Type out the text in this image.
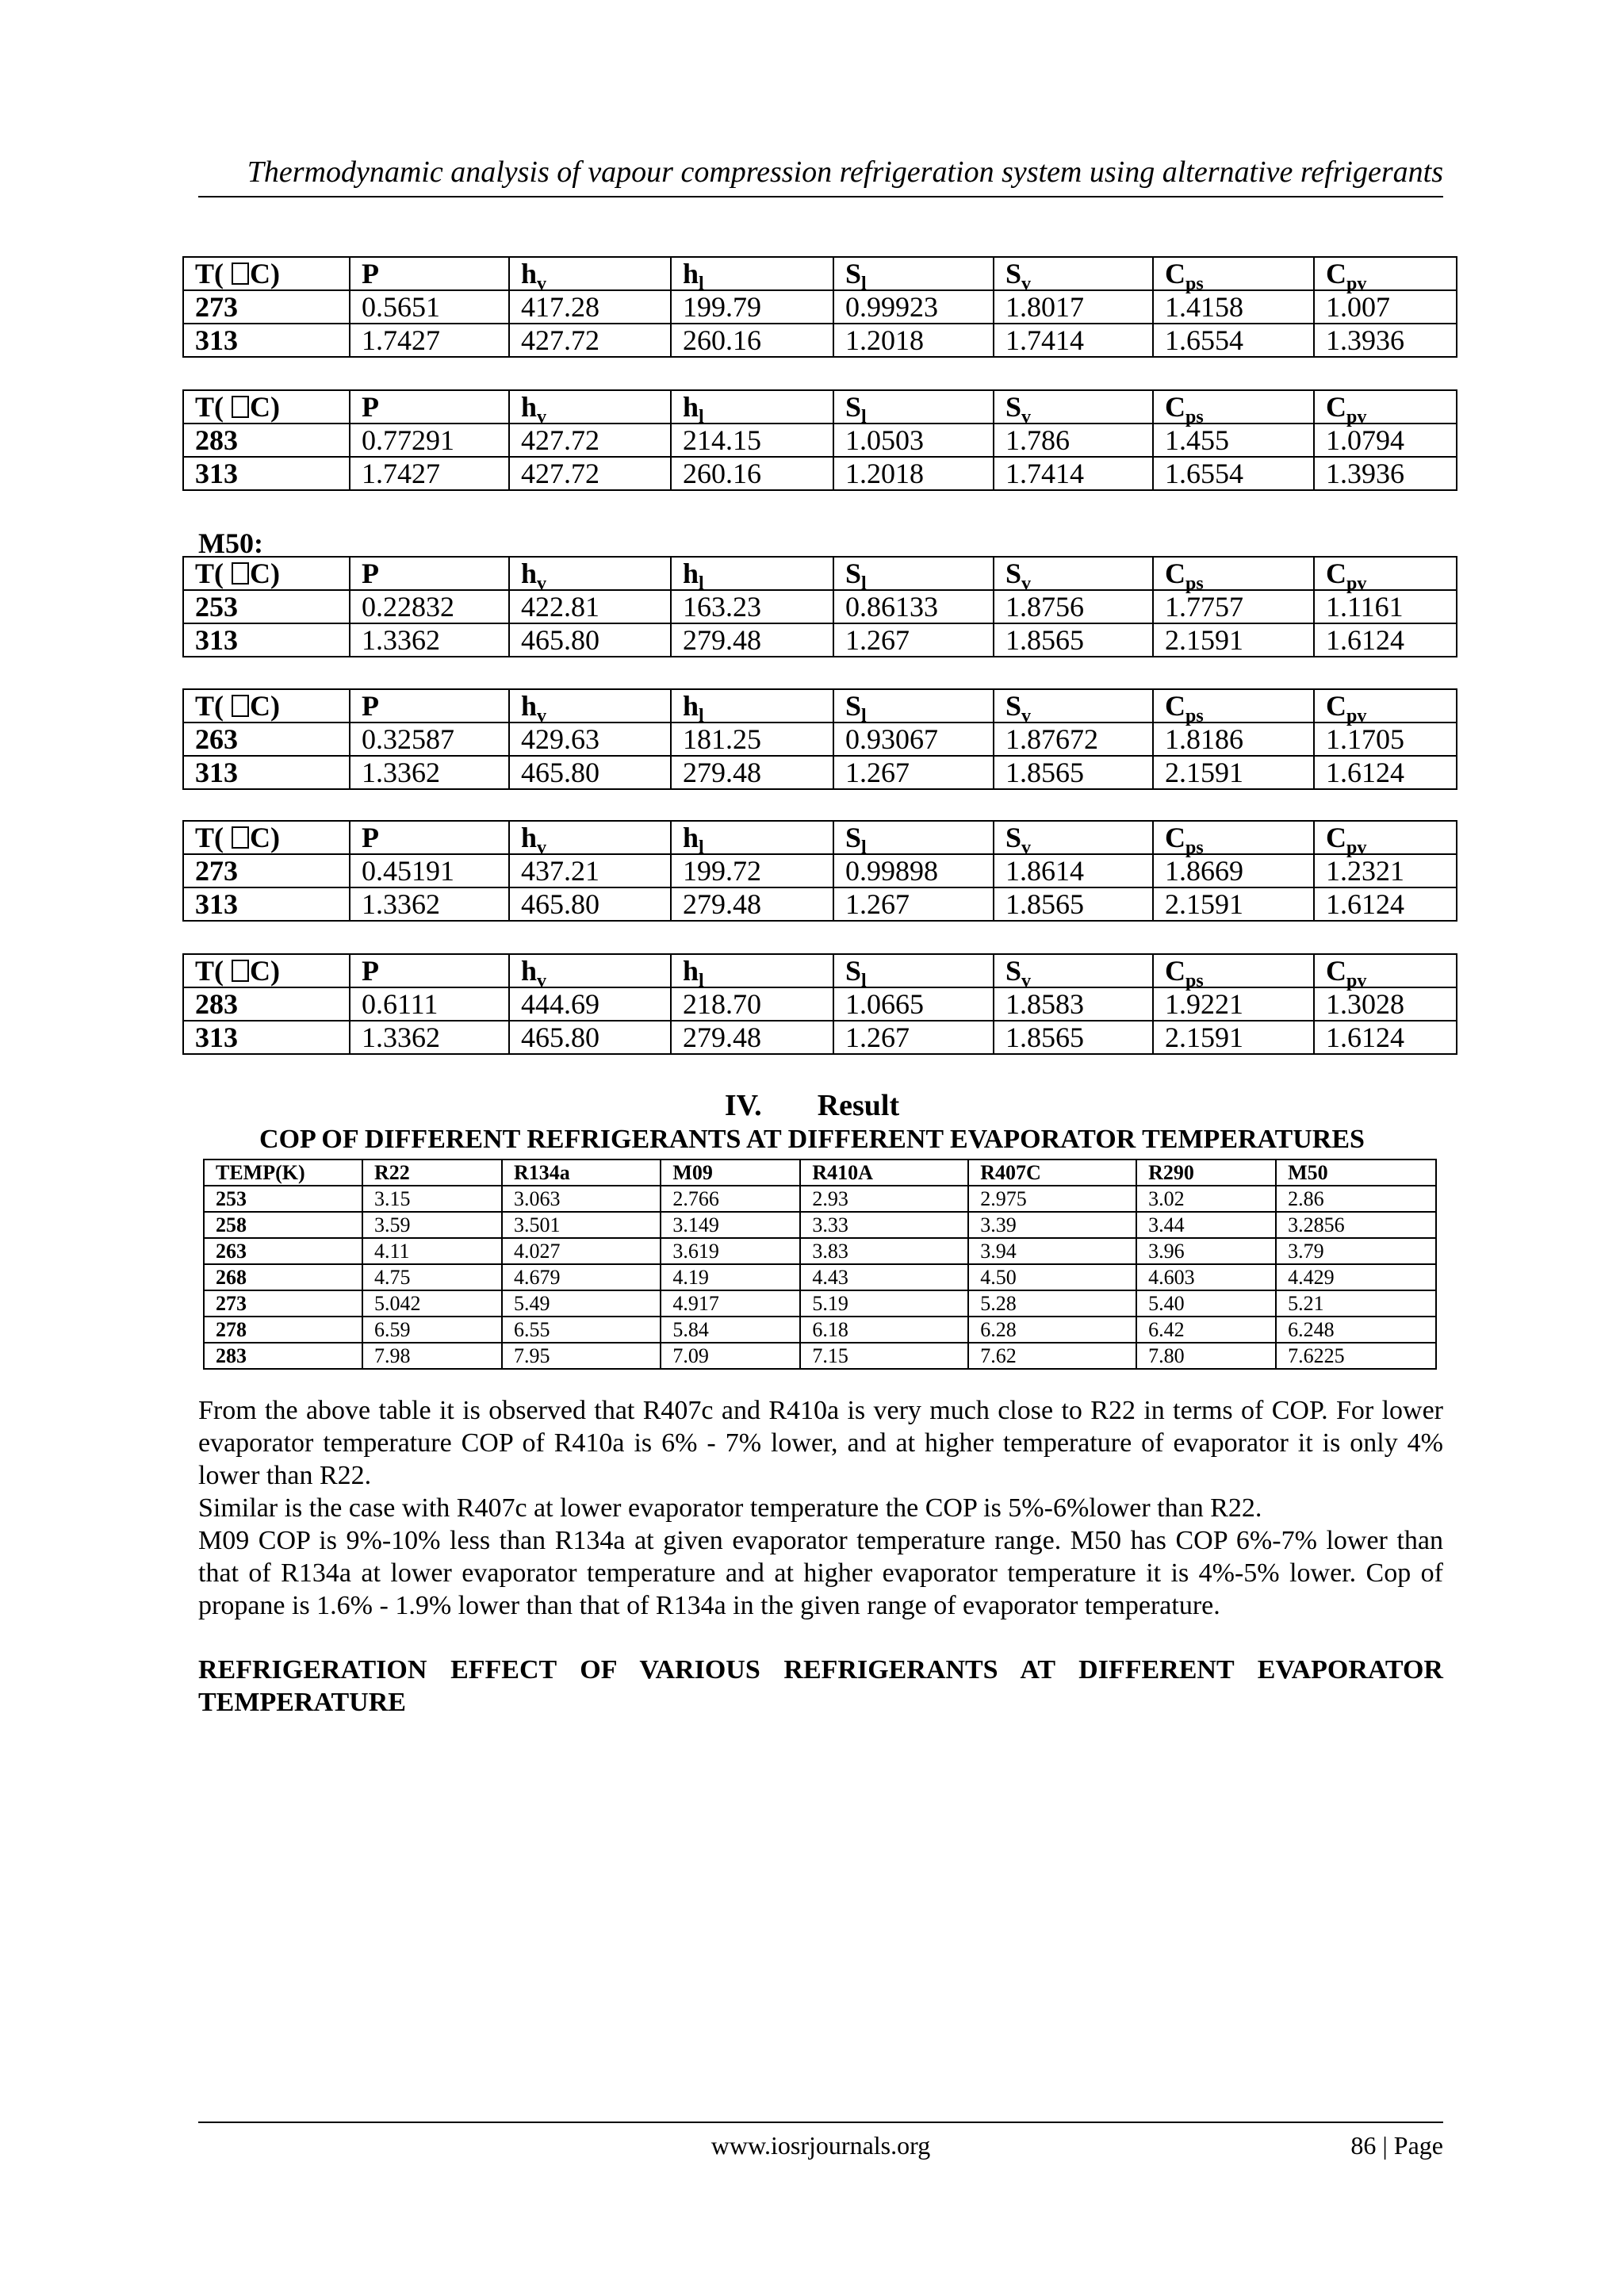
Thermodynamic analysis of vapour compression refrigeration system using alternative refrigerants
T( C)	P	$h_v$	$h_l$	$S_l$	$S_v$	$C_{ps}$	$C_{pv}$
273	0.5651	417.28	199.79	0.99923	1.8017	1.4158	1.007
313	1.7427	427.72	260.16	1.2018	1.7414	1.6554	1.3936
T( C)	P	$h_v$	$h_l$	$S_l$	$S_v$	$C_{ps}$	$C_{pv}$
283	0.77291	427.72	214.15	1.0503	1.786	1.455	1.0794
313	1.7427	427.72	260.16	1.2018	1.7414	1.6554	1.3936
M50:
T( C)	P	$h_v$	$h_l$	$S_l$	$S_v$	$C_{ps}$	$C_{pv}$
253	0.22832	422.81	163.23	0.86133	1.8756	1.7757	1.1161
313	1.3362	465.80	279.48	1.267	1.8565	2.1591	1.6124
T( C)	P	$h_v$	$h_l$	$S_l$	$S_v$	$C_{ps}$	$C_{pv}$
263	0.32587	429.63	181.25	0.93067	1.87672	1.8186	1.1705
313	1.3362	465.80	279.48	1.267	1.8565	2.1591	1.6124
T( C)	P	$h_v$	$h_l$	$S_l$	$S_v$	$C_{ps}$	$C_{pv}$
273	0.45191	437.21	199.72	0.99898	1.8614	1.8669	1.2321
313	1.3362	465.80	279.48	1.267	1.8565	2.1591	1.6124
T( C)	P	$h_v$	$h_l$	$S_l$	$S_v$	$C_{ps}$	$C_{pv}$
283	0.6111	444.69	218.70	1.0665	1.8583	1.9221	1.3028
313	1.3362	465.80	279.48	1.267	1.8565	2.1591	1.6124
IV. Result
COP OF DIFFERENT REFRIGERANTS AT DIFFERENT EVAPORATOR TEMPERATURES
TEMP(K)	R22	R134a	M09	R410A	R407C	R290	M50
253	3.15	3.063	2.766	2.93	2.975	3.02	2.86
258	3.59	3.501	3.149	3.33	3.39	3.44	3.2856
263	4.11	4.027	3.619	3.83	3.94	3.96	3.79
268	4.75	4.679	4.19	4.43	4.50	4.603	4.429
273	5.042	5.49	4.917	5.19	5.28	5.40	5.21
278	6.59	6.55	5.84	6.18	6.28	6.42	6.248
283	7.98	7.95	7.09	7.15	7.62	7.80	7.6225
From the above table it is observed that R407c and R410a is very much close to R22 in terms of COP. For lower evaporator temperature COP of R410a is 6% - 7% lower, and at higher temperature of evaporator it is only 4% lower than R22.
Similar is the case with R407c at lower evaporator temperature the COP is 5%-6%lower than R22.
M09 COP is 9%-10% less than R134a at given evaporator temperature range. M50 has COP 6%-7% lower than that of R134a at lower evaporator temperature and at higher evaporator temperature it is 4%-5% lower. Cop of propane is 1.6% - 1.9% lower than that of R134a in the given range of evaporator temperature.
REFRIGERATION EFFECT OF VARIOUS REFRIGERANTS AT DIFFERENT EVAPORATOR TEMPERATURE
www.iosrjournals.org	86 | Page
